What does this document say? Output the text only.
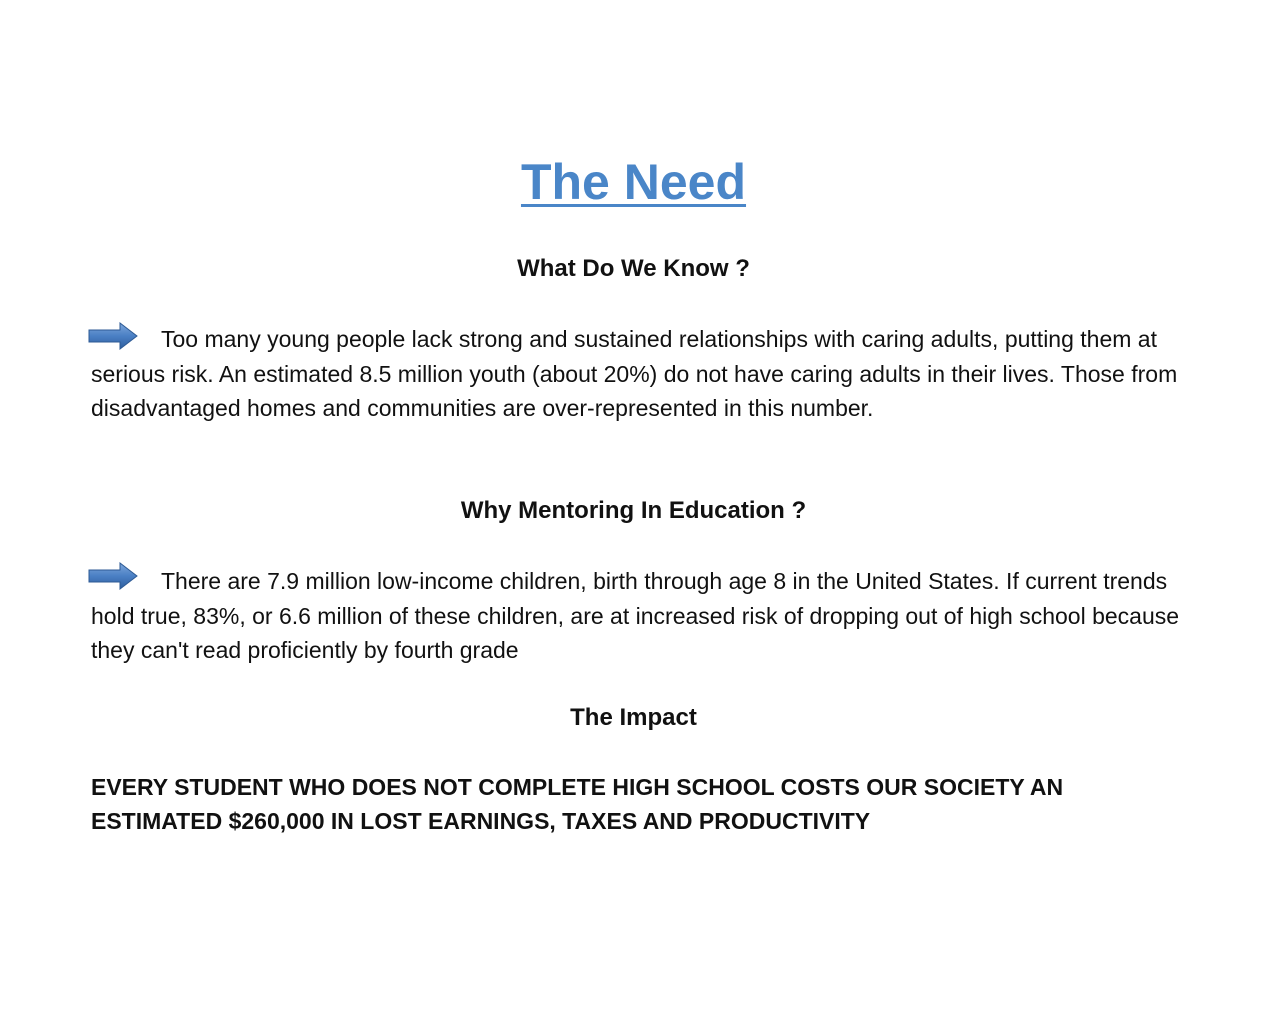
The Need
What Do We Know ?
Too many young people lack strong and sustained relationships with caring adults, putting them at serious risk. An estimated 8.5 million youth (about 20%) do not have caring adults in their lives. Those from disadvantaged homes and communities are over-represented in this number.
Why Mentoring In Education ?
There are 7.9 million low-income children, birth through age 8 in the United States. If current trends hold true, 83%, or 6.6 million of these children, are at increased risk of dropping out of high school because they can't read proficiently by fourth grade
The Impact
EVERY STUDENT WHO DOES NOT COMPLETE HIGH SCHOOL COSTS OUR SOCIETY AN ESTIMATED $260,000 IN LOST EARNINGS, TAXES AND PRODUCTIVITY
